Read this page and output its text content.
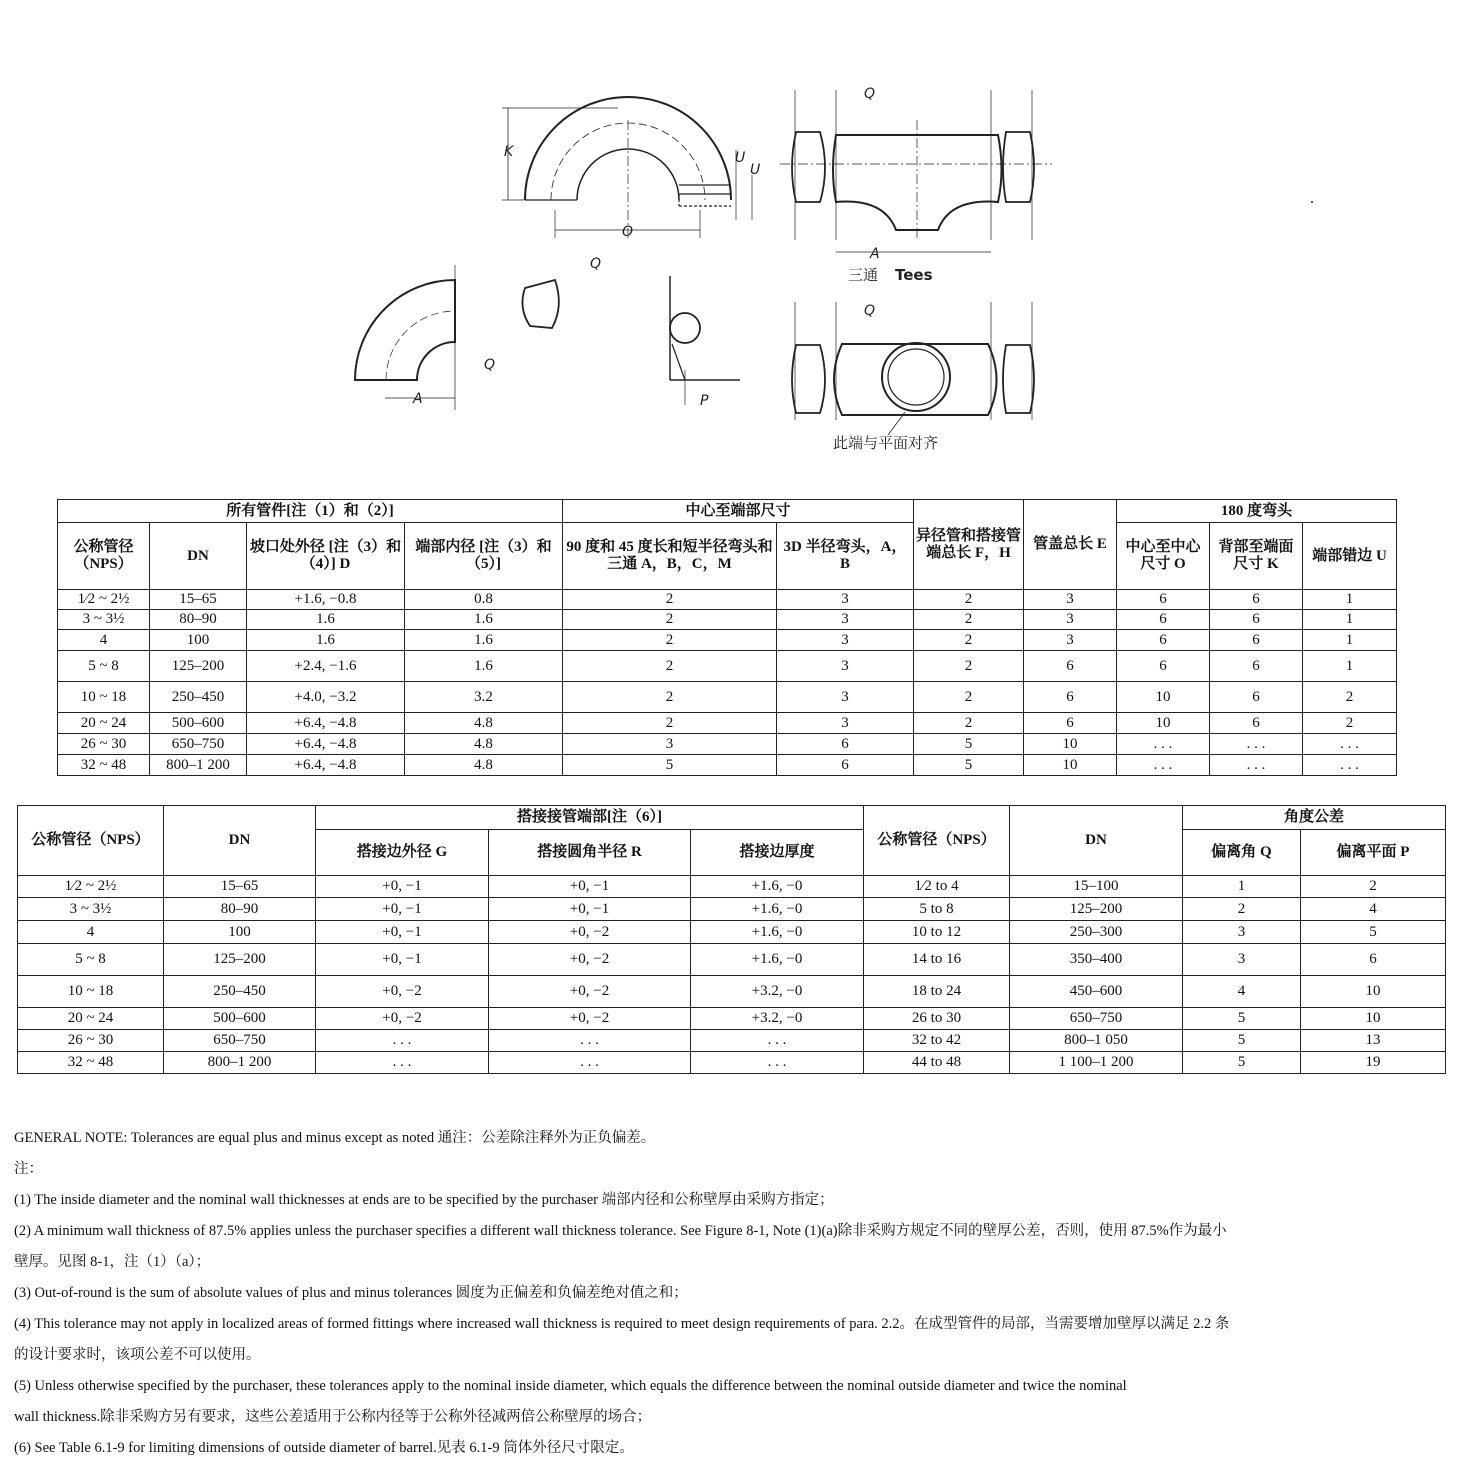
K	U
U
O
Q
A
三通 Tees
A
Q
Q
P
Q
此端与平面对齐
所有管件[注（1）和（2）]				中心至端部尺寸		异径管和搭接管端总长 F，H	管盖总长 E	180 度弯头		
公称管径（NPS）	DN	坡口处外径 [注（3）和（4）] D	端部内径 [注（3）和（5）]	90 度和 45 度长和短半径弯头和三通 A，B，C，M	3D 半径弯头，A，B			中心至中心尺寸 O	背部至端面尺寸 K	端部错边 U
1⁄2 ~ 2½	15–65	+1.6, −0.8	0.8	2	3	2	3	6	6	1
3 ~ 3½	80–90	1.6	1.6	2	3	2	3	6	6	1
4	100	1.6	1.6	2	3	2	3	6	6	1
5 ~ 8	125–200	+2.4, −1.6	1.6	2	3	2	6	6	6	1
10 ~ 18	250–450	+4.0, −3.2	3.2	2	3	2	6	10	6	2
20 ~ 24	500–600	+6.4, −4.8	4.8	2	3	2	6	10	6	2
26 ~ 30	650–750	+6.4, −4.8	4.8	3	6	5	10	. . .	. . .	. . .
32 ~ 48	800–1 200	+6.4, −4.8	4.8	5	6	5	10	. . .	. . .	. . .
公称管径（NPS）	DN	搭接接管端部[注（6）]			公称管径（NPS）	DN	角度公差	
		搭接边外径 G	搭接圆角半径 R	搭接边厚度			偏离角 Q	偏离平面 P
1⁄2 ~ 2½	15–65	+0, −1	+0, −1	+1.6, −0	1⁄2 to 4	15–100	1	2
3 ~ 3½	80–90	+0, −1	+0, −1	+1.6, −0	5 to 8	125–200	2	4
4	100	+0, −1	+0, −2	+1.6, −0	10 to 12	250–300	3	5
5 ~ 8	125–200	+0, −1	+0, −2	+1.6, −0	14 to 16	350–400	3	6
10 ~ 18	250–450	+0, −2	+0, −2	+3.2, −0	18 to 24	450–600	4	10
20 ~ 24	500–600	+0, −2	+0, −2	+3.2, −0	26 to 30	650–750	5	10
26 ~ 30	650–750	. . .	. . .	. . .	32 to 42	800–1 050	5	13
32 ~ 48	800–1 200	. . .	. . .	. . .	44 to 48	1 100–1 200	5	19

GENERAL NOTE: Tolerances are equal plus and minus except as noted 通注：公差除注释外为正负偏差。

注：

(1) The inside diameter and the nominal wall thicknesses at ends are to be specified by the purchaser 端部内径和公称壁厚由采购方指定；

(2) A minimum wall thickness of 87.5% applies unless the purchaser specifies a different wall thickness tolerance. See Figure 8-1, Note (1)(a)除非采购方规定不同的壁厚公差，否则，使用 87.5%作为最小

壁厚。见图 8-1，注（1）（a）；

(3) Out-of-round is the sum of absolute values of plus and minus tolerances 圆度为正偏差和负偏差绝对值之和；

(4) This tolerance may not apply in localized areas of formed fittings where increased wall thickness is required to meet design requirements of para. 2.2。在成型管件的局部，当需要增加壁厚以满足 2.2 条

的设计要求时，该项公差不可以使用。

(5) Unless otherwise specified by the purchaser, these tolerances apply to the nominal inside diameter, which equals the difference between the nominal outside diameter and twice the nominal

wall thickness.除非采购方另有要求，这些公差适用于公称内径等于公称外径减两倍公称壁厚的场合；

(6) See Table 6.1-9 for limiting dimensions of outside diameter of barrel.见表 6.1-9 筒体外径尺寸限定。
